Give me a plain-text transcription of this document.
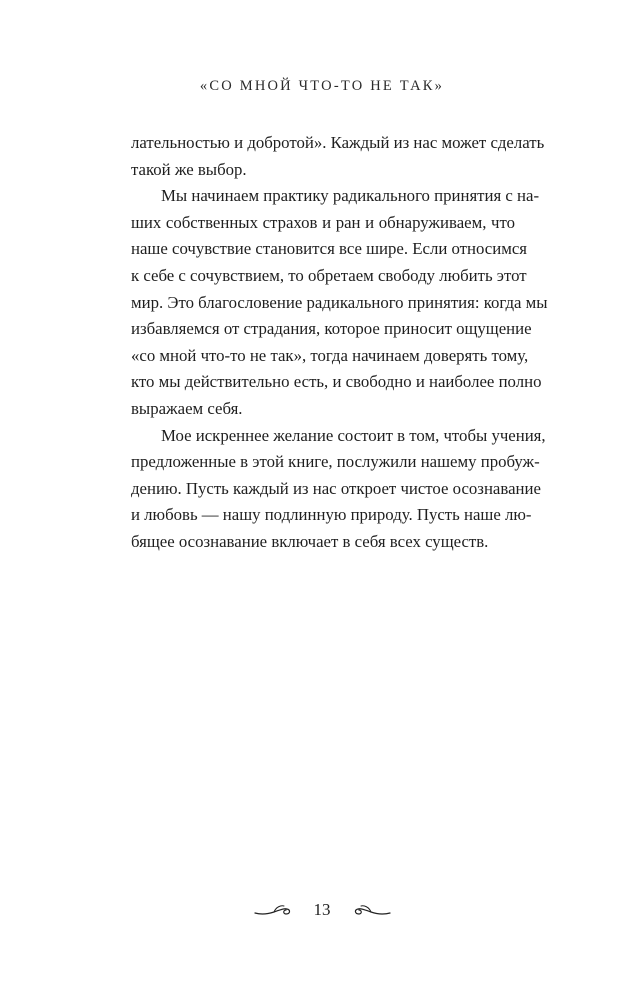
«СО МНОЙ ЧТО-ТО НЕ ТАК»

лательностью и добротой». Каждый из нас может сделать
такой же выбор.

Мы начинаем практику радикального принятия с на-
ших собственных страхов и ран и обнаруживаем, что
наше сочувствие становится все шире. Если относимся
к себе с сочувствием, то обретаем свободу любить этот
мир. Это благословение радикального принятия: когда мы
избавляемся от страдания, которое приносит ощущение
«со мной что-то не так», тогда начинаем доверять тому,
кто мы действительно есть, и свободно и наиболее полно
выражаем себя.

Мое искреннее желание состоит в том, чтобы учения,
предложенные в этой книге, послужили нашему пробуж-
дению. Пусть каждый из нас откроет чистое осознавание
и любовь — нашу подлинную природу. Пусть наше лю-
бящее осознавание включает в себя всех существ.

13
